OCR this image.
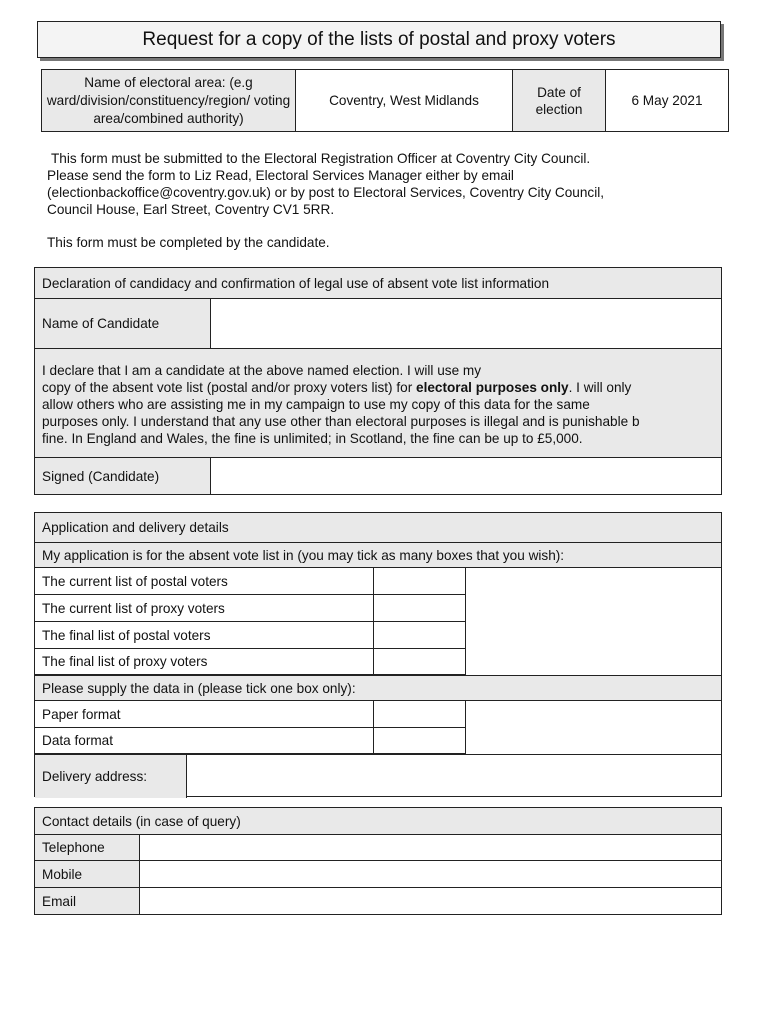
Request for a copy of the lists of postal and proxy voters
Name of electoral area: (e.g ward/division/constituency/region/ voting area/combined authority)	Coventry, West Midlands	Date of election	6 May 2021
This form must be submitted to the Electoral Registration Officer at Coventry City Council.
Please send the form to Liz Read, Electoral Services Manager either by email
(electionbackoffice@coventry.gov.uk) or by post to Electoral Services, Coventry City Council,
Council House, Earl Street, Coventry CV1 5RR.
This form must be completed by the candidate.
Declaration of candidacy and confirmation of legal use of absent vote list information
Name of Candidate
I declare that I am a candidate at the above named election. I will use my
copy of the absent vote list (postal and/or proxy voters list) for electoral purposes only. I will only
allow others who are assisting me in my campaign to use my copy of this data for the same
purposes only. I understand that any use other than electoral purposes is illegal and is punishable b
fine. In England and Wales, the fine is unlimited; in Scotland, the fine can be up to £5,000.
Signed (Candidate)
Application and delivery details
My application is for the absent vote list in (you may tick as many boxes that you wish):
The current list of postal voters
The current list of proxy voters
The final list of postal voters
The final list of proxy voters
Please supply the data in (please tick one box only):
Paper format
Data format
Delivery address:
Contact details (in case of query)
Telephone
Mobile
Email
